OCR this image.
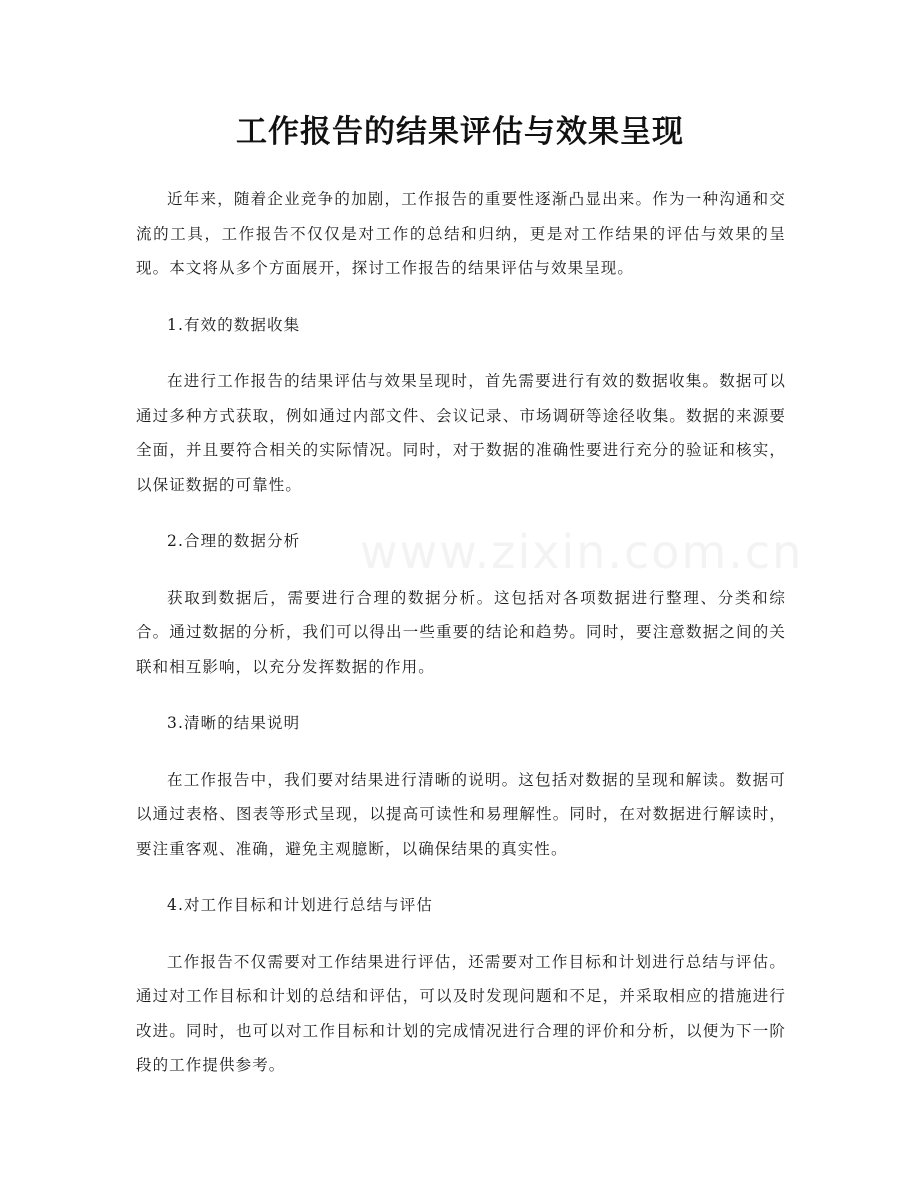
工作报告的结果评估与效果呈现

近年来，随着企业竞争的加剧，工作报告的重要性逐渐凸显出来。作为一种沟通和交流的工具，工作报告不仅仅是对工作的总结和归纳，更是对工作结果的评估与效果的呈现。本文将从多个方面展开，探讨工作报告的结果评估与效果呈现。

1.有效的数据收集

在进行工作报告的结果评估与效果呈现时，首先需要进行有效的数据收集。数据可以通过多种方式获取，例如通过内部文件、会议记录、市场调研等途径收集。数据的来源要全面，并且要符合相关的实际情况。同时，对于数据的准确性要进行充分的验证和核实，以保证数据的可靠性。

2.合理的数据分析

获取到数据后，需要进行合理的数据分析。这包括对各项数据进行整理、分类和综合。通过数据的分析，我们可以得出一些重要的结论和趋势。同时，要注意数据之间的关联和相互影响，以充分发挥数据的作用。

3.清晰的结果说明

在工作报告中，我们要对结果进行清晰的说明。这包括对数据的呈现和解读。数据可以通过表格、图表等形式呈现，以提高可读性和易理解性。同时，在对数据进行解读时，要注重客观、准确，避免主观臆断，以确保结果的真实性。

4.对工作目标和计划进行总结与评估

工作报告不仅需要对工作结果进行评估，还需要对工作目标和计划进行总结与评估。通过对工作目标和计划的总结和评估，可以及时发现问题和不足，并采取相应的措施进行改进。同时，也可以对工作目标和计划的完成情况进行合理的评价和分析，以便为下一阶段的工作提供参考。

www.zixin.com.cn
